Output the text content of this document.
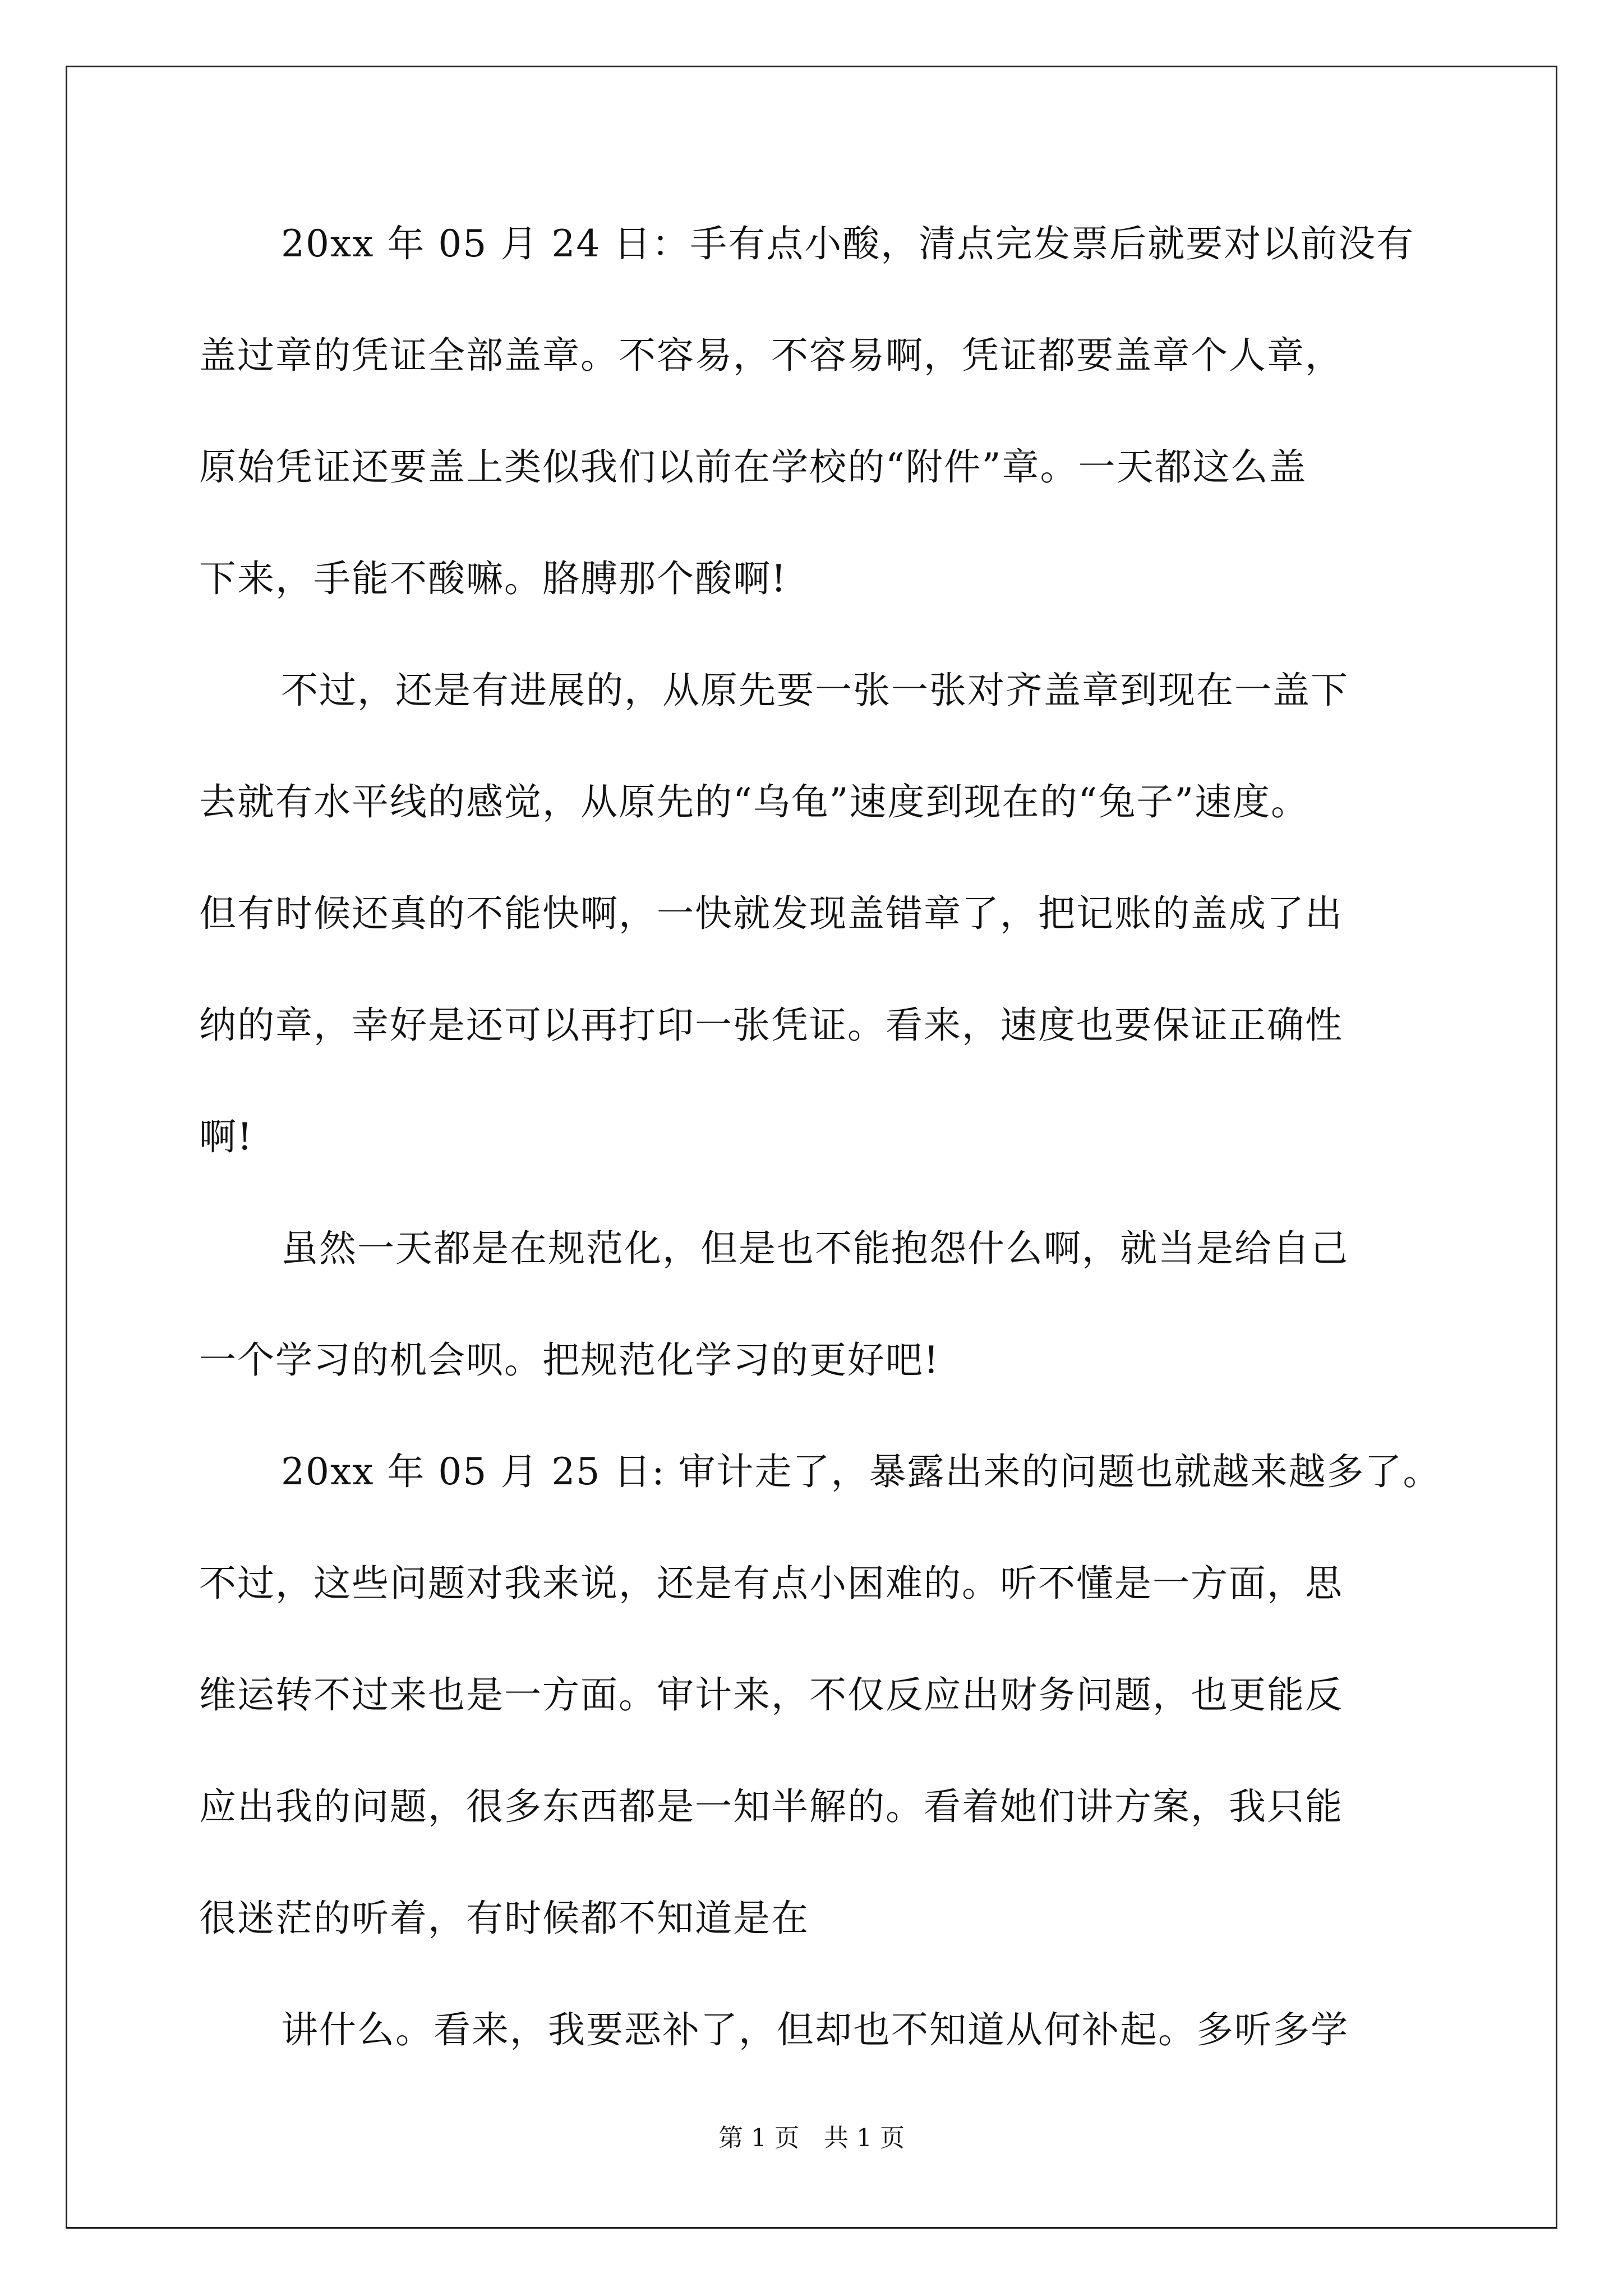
20xx 年 05 月 24 日：手有点小酸，清点完发票后就要对以前没有
盖过章的凭证全部盖章。不容易，不容易啊，凭证都要盖章个人章，
原始凭证还要盖上类似我们以前在学校的“附件”章。一天都这么盖
下来，手能不酸嘛。胳膊那个酸啊!
不过，还是有进展的，从原先要一张一张对齐盖章到现在一盖下
去就有水平线的感觉，从原先的“乌龟”速度到现在的“兔子”速度。
但有时候还真的不能快啊，一快就发现盖错章了，把记账的盖成了出
纳的章，幸好是还可以再打印一张凭证。看来，速度也要保证正确性
啊!
虽然一天都是在规范化，但是也不能抱怨什么啊，就当是给自己
一个学习的机会呗。把规范化学习的更好吧!
20xx 年 05 月 25 日: 审计走了，暴露出来的问题也就越来越多了。
不过，这些问题对我来说，还是有点小困难的。听不懂是一方面，思
维运转不过来也是一方面。审计来，不仅反应出财务问题，也更能反
应出我的问题，很多东西都是一知半解的。看着她们讲方案，我只能
很迷茫的听着，有时候都不知道是在
讲什么。看来，我要恶补了，但却也不知道从何补起。多听多学
第 1 页　共 1 页
